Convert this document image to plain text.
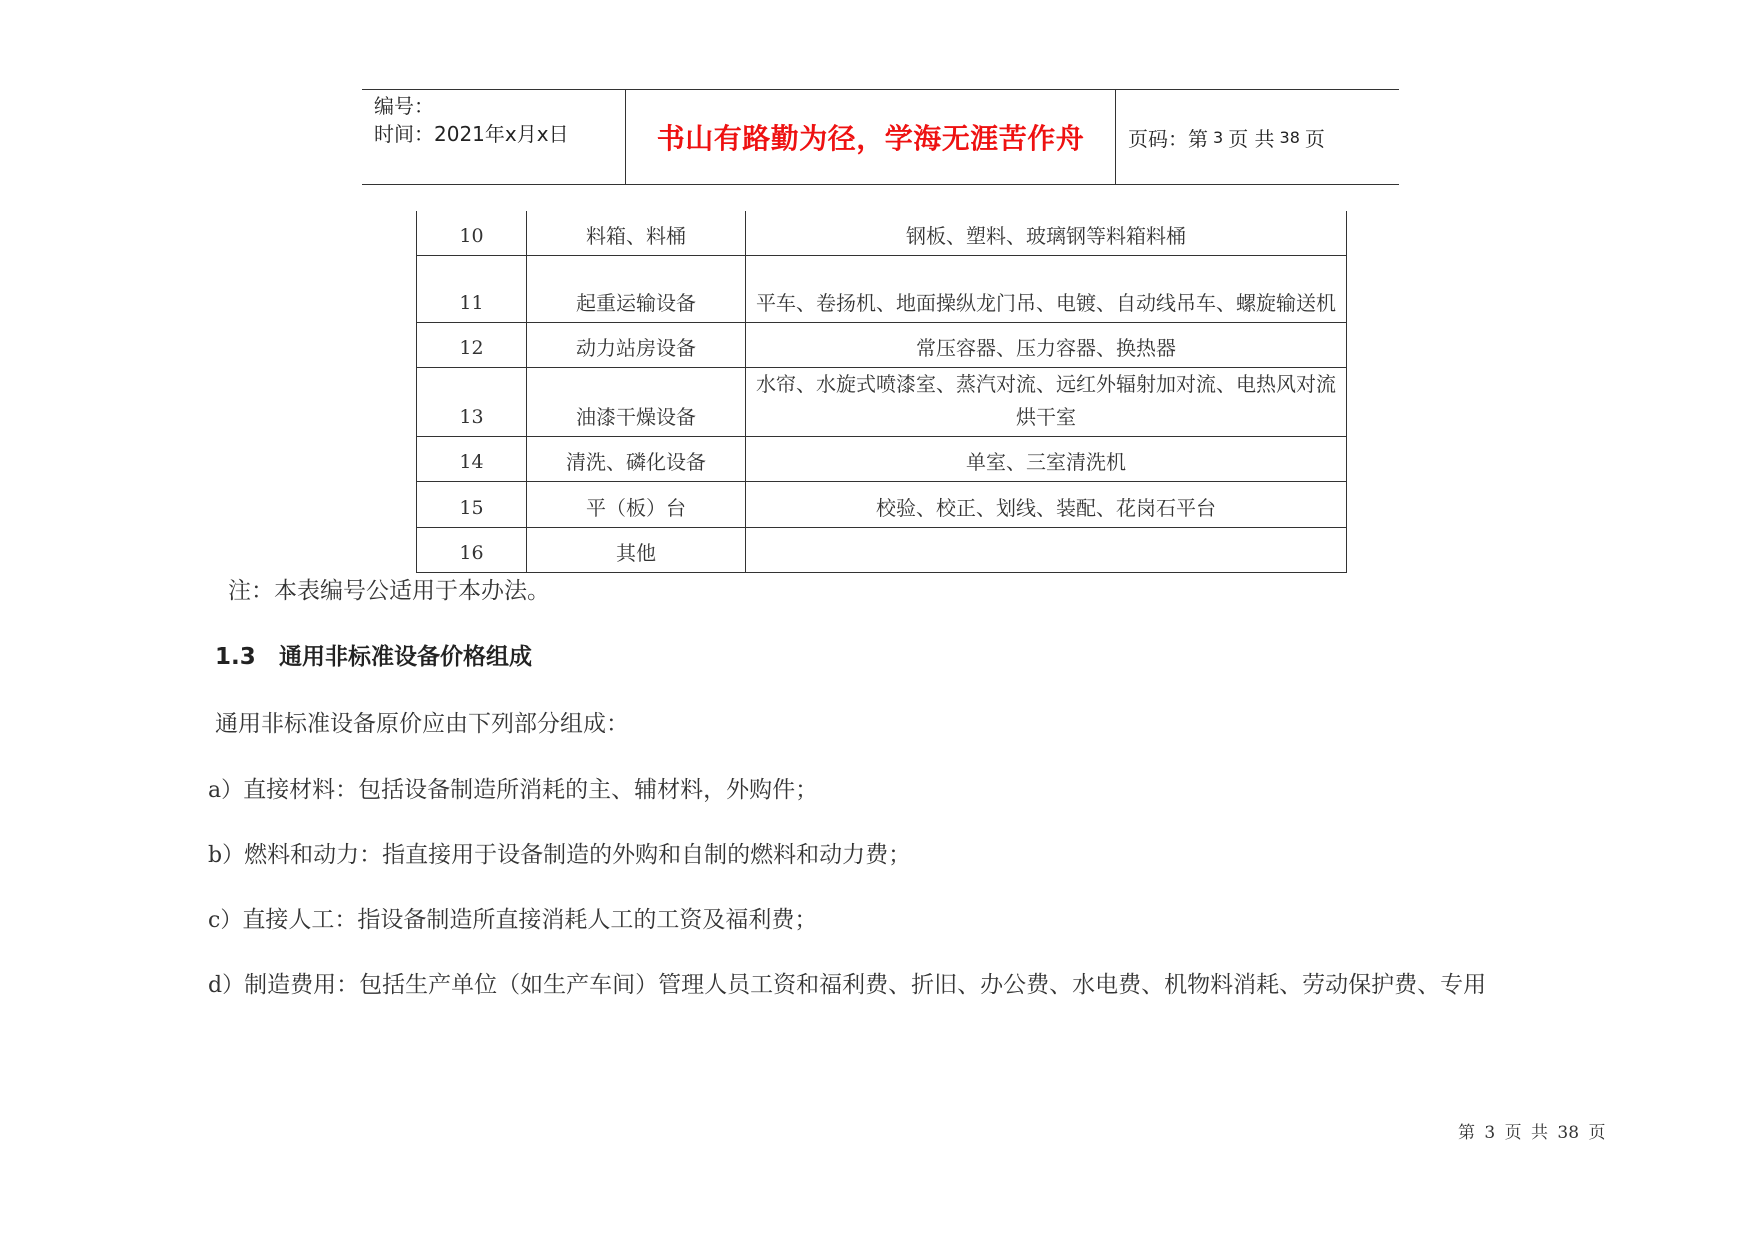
编号：
时间：2021年x月x日	书山有路勤为径，学海无涯苦作舟	页码：第 3 页 共 38 页
10	料箱、料桶	钢板、塑料、玻璃钢等料箱料桶
11	起重运输设备	平车、卷扬机、地面操纵龙门吊、电镀、自动线吊车、螺旋输送机
12	动力站房设备	常压容器、压力容器、换热器
13	油漆干燥设备	水帘、水旋式喷漆室、蒸汽对流、远红外辐射加对流、电热风对流烘干室
14	清洗、磷化设备	单室、三室清洗机
15	平（板）台	校验、校正、划线、装配、花岗石平台
16	其他	
注：本表编号公适用于本办法。
1.3 通用非标准设备价格组成
通用非标准设备原价应由下列部分组成：
a）直接材料：包括设备制造所消耗的主、辅材料，外购件；
b）燃料和动力：指直接用于设备制造的外购和自制的燃料和动力费；
c）直接人工：指设备制造所直接消耗人工的工资及福利费；
d）制造费用：包括生产单位（如生产车间）管理人员工资和福利费、折旧、办公费、水电费、机物料消耗、劳动保护费、专用
第 3 页 共 38 页
